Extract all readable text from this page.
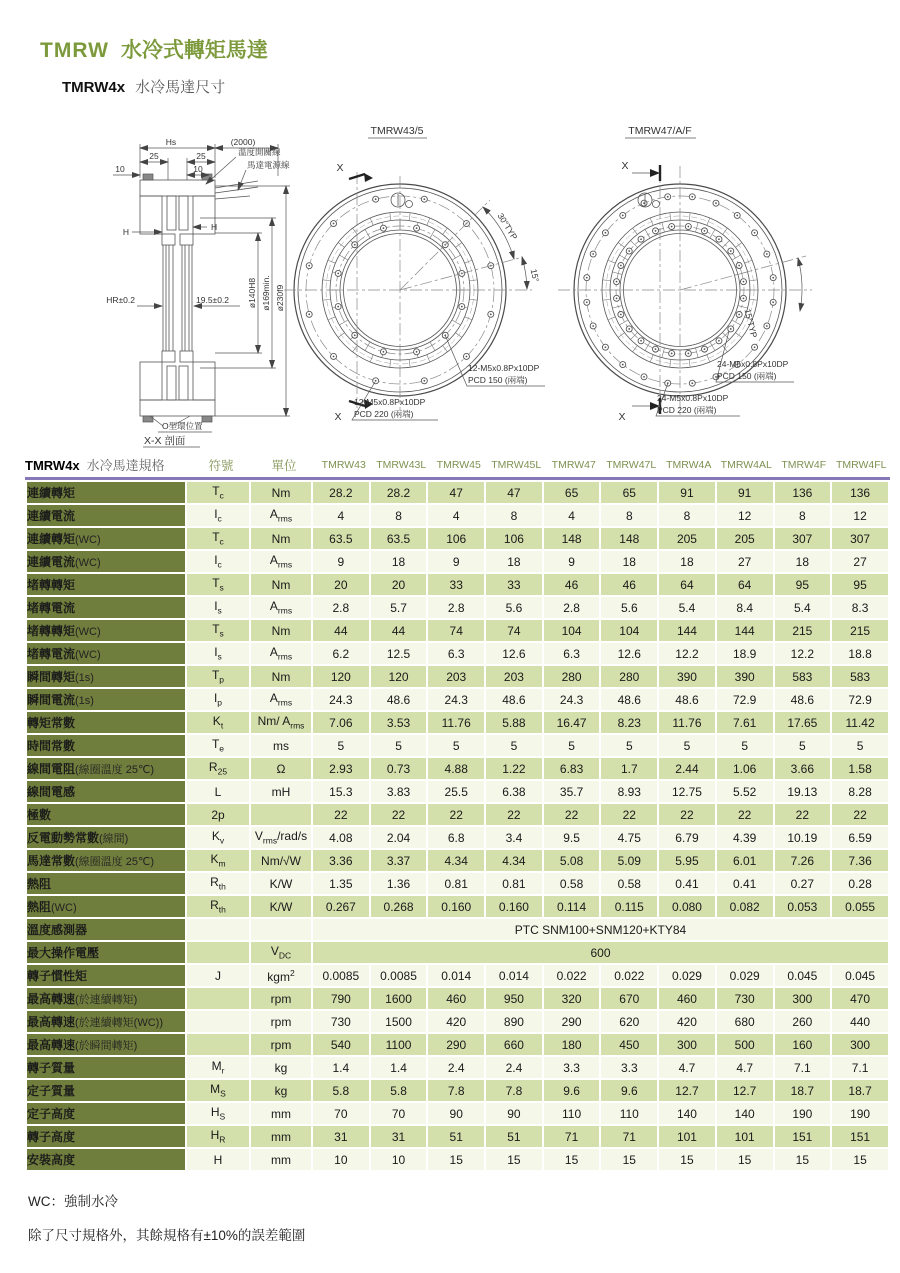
TMRW 水冷式轉矩馬達
TMRW4x 水冷馬達尺寸
Hs	(2000)
25	25
10	10
H	H
HR±0.2	19.5±0.2 ø140H8 ø169min. ø230f9
溫度開關線
馬達電源線
O型環位置
X-X 剖面
TMRW43/5
30°TYP
15°
X
X
12-M5x0.8Px10DP
PCD 150 (兩端)
12-M5x0.8Px10DP
PCD 220 (兩端)
TMRW47/A/F
15°TYP
X
X
24-M5x0.8Px10DP
PCD 150 (兩端)
24-M5x0.8Px10DP
PCD 220 (兩端)
TMRW4x 水冷馬達規格	符號	單位	TMRW43 TMRW43L TMRW45 TMRW45L TMRW47 TMRW47L TMRW4A TMRW4AL TMRW4F TMRW4FL
連續轉矩	$T_c$	Nm	28.2	28.2	47	47	65	65	91	91	136	136
連續電流	$I_c$	$A_{rms}$	4	8	4	8	4	8	8	12	8	12
連續轉矩(WC)	$T_c$	Nm	63.5	63.5	106	106	148	148	205	205	307	307
連續電流(WC)	$I_c$	$A_{rms}$	9	18	9	18	9	18	18	27	18	27
堵轉轉矩	$T_s$	Nm	20	20	33	33	46	46	64	64	95	95
堵轉電流	$I_s$	$A_{rms}$	2.8	5.7	2.8	5.6	2.8	5.6	5.4	8.4	5.4	8.3
堵轉轉矩(WC)	$T_s$	Nm	44	44	74	74	104	104	144	144	215	215
堵轉電流(WC)	$I_s$	$A_{rms}$	6.2	12.5	6.3	12.6	6.3	12.6	12.2	18.9	12.2	18.8
瞬間轉矩(1s)	$T_p$	Nm	120	120	203	203	280	280	390	390	583	583
瞬間電流(1s)	$I_p$	$A_{rms}$	24.3	48.6	24.3	48.6	24.3	48.6	48.6	72.9	48.6	72.9
轉矩常數	$K_t$	Nm/ $A_{rms}$	7.06	3.53	11.76	5.88	16.47	8.23	11.76	7.61	17.65	11.42
時間常數	$T_e$	ms	5	5	5	5	5	5	5	5	5	5
線間電阻(線圈溫度 25℃)	$R_{25}$	Ω	2.93	0.73	4.88	1.22	6.83	1.7	2.44	1.06	3.66	1.58
線間電感	L	mH	15.3	3.83	25.5	6.38	35.7	8.93	12.75	5.52	19.13	8.28
極數	2p		22	22	22	22	22	22	22	22	22	22
反電動勢常數(線間)	$K_v$	$V_{rms}/rad/s$	4.08	2.04	6.8	3.4	9.5	4.75	6.79	4.39	10.19	6.59
馬達常數(線圈溫度 25℃)	$K_m$	Nm/√W	3.36	3.37	4.34	4.34	5.08	5.09	5.95	6.01	7.26	7.36
熱阻	$R_{th}$	K/W	1.35	1.36	0.81	0.81	0.58	0.58	0.41	0.41	0.27	0.28
熱阻(WC)	$R_{th}$	K/W	0.267	0.268	0.160	0.160	0.114	0.115	0.080	0.082	0.053	0.055
溫度感測器			PTC SNM100+SNM120+KTY84									
最大操作電壓		$V_{DC}$	600									
轉子慣性矩	J	kgm$^2$	0.0085	0.0085	0.014	0.014	0.022	0.022	0.029	0.029	0.045	0.045
最高轉速(於連續轉矩)		rpm	790	1600	460	950	320	670	460	730	300	470
最高轉速(於連續轉矩(WC))		rpm	730	1500	420	890	290	620	420	680	260	440
最高轉速(於瞬間轉矩)		rpm	540	1100	290	660	180	450	300	500	160	300
轉子質量	$M_r$	kg	1.4	1.4	2.4	2.4	3.3	3.3	4.7	4.7	7.1	7.1
定子質量	$M_S$	kg	5.8	5.8	7.8	7.8	9.6	9.6	12.7	12.7	18.7	18.7
定子高度	$H_S$	mm	70	70	90	90	110	110	140	140	190	190
轉子高度	$H_R$	mm	31	31	51	51	71	71	101	101	151	151
安裝高度	H	mm	10	10	15	15	15	15	15	15	15	15
WC：強制水冷
除了尺寸規格外，其餘規格有±10%的誤差範圍
